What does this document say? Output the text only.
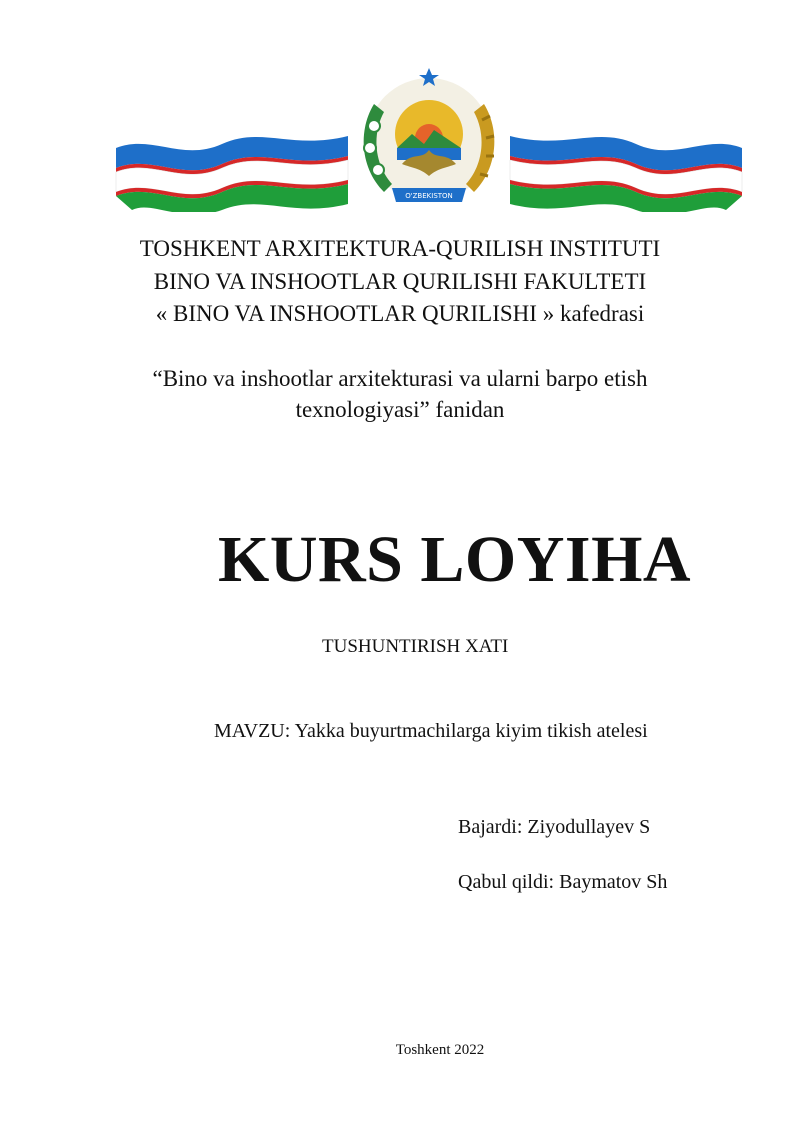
O'ZBEKISTON
TOSHKENT ARXITEKTURA-QURILISH INSTITUTI
BINO VA INSHOOTLAR QURILISHI FAKULTETI
« BINO VA INSHOOTLAR QURILISHI » kafedrasi
“Bino va inshootlar arxitekturasi va ularni barpo etish
texnologiyasi” fanidan
KURS LOYIHA
TUSHUNTIRISH XATI
MAVZU: Yakka buyurtmachilarga kiyim tikish atelesi
Bajardi: Ziyodullayev S
Qabul qildi: Baymatov Sh
Toshkent 2022
